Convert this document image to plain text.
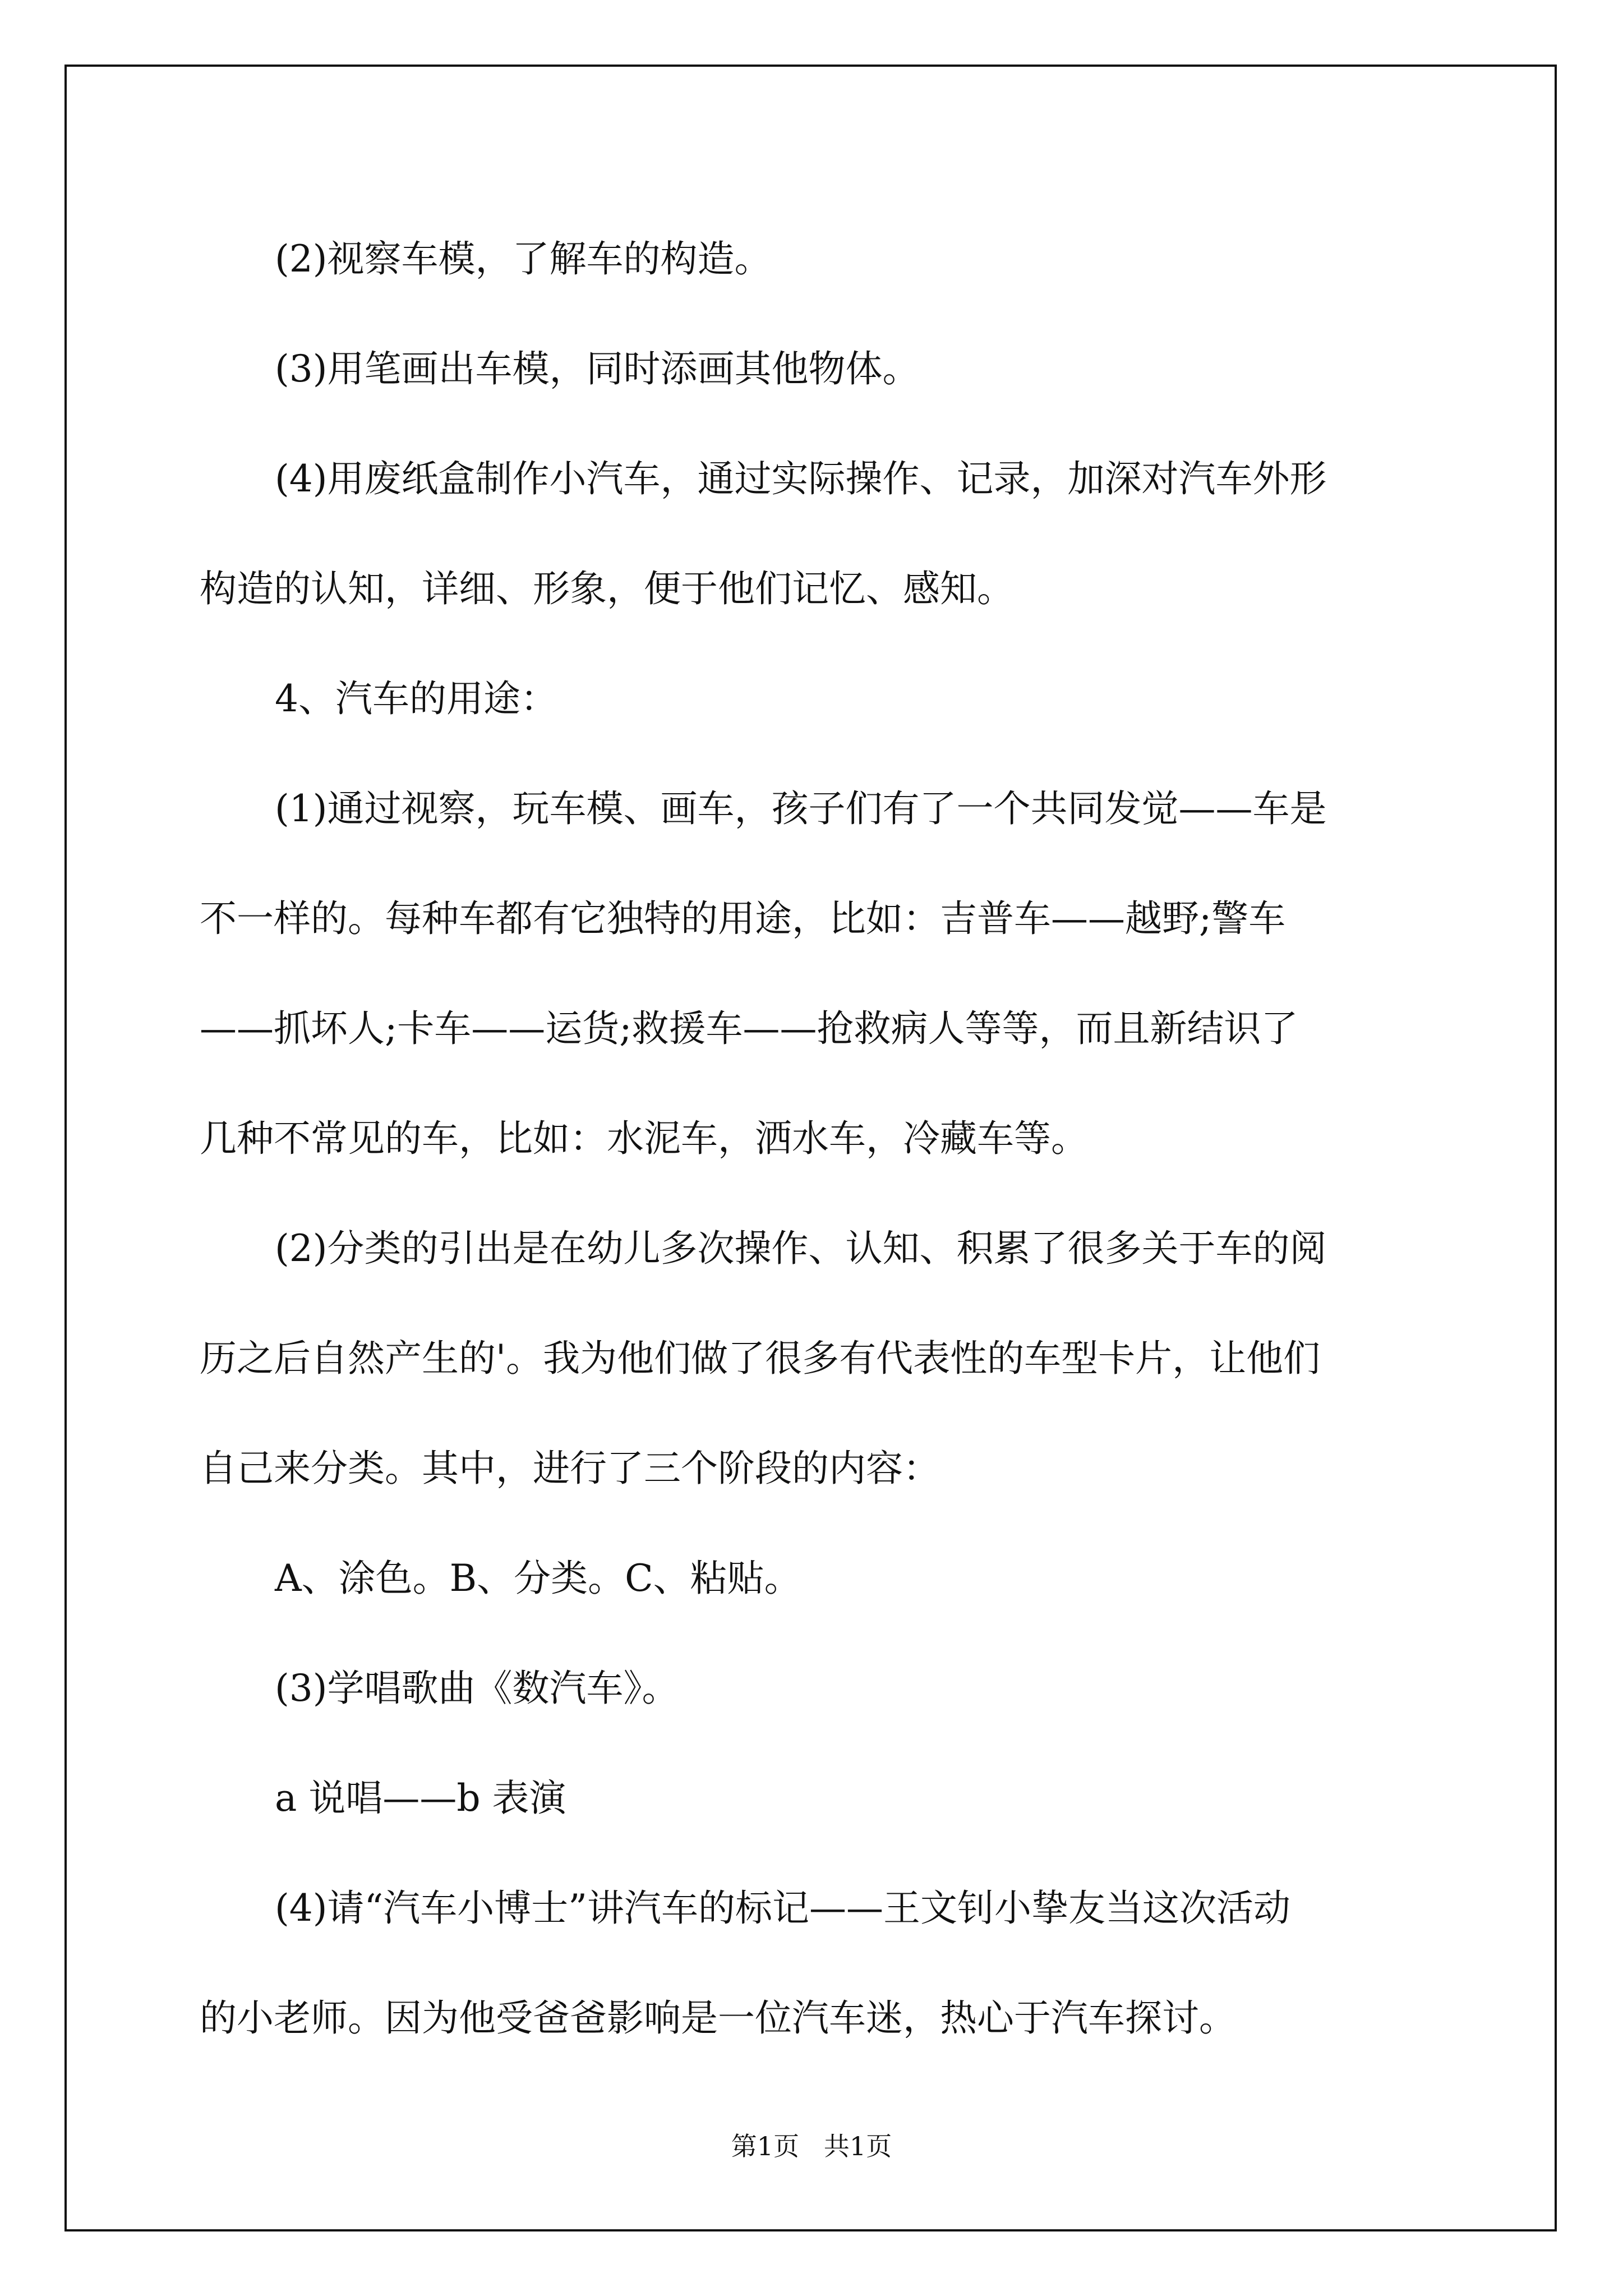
(2)视察车模，了解车的构造。
(3)用笔画出车模，同时添画其他物体。
(4)用废纸盒制作小汽车，通过实际操作、记录，加深对汽车外形
构造的认知，详细、形象，便于他们记忆、感知。
4、汽车的用途：
(1)通过视察，玩车模、画车，孩子们有了一个共同发觉——车是
不一样的。每种车都有它独特的用途，比如：吉普车——越野;警车
——抓坏人;卡车——运货;救援车——抢救病人等等，而且新结识了
几种不常见的车，比如：水泥车，洒水车，冷藏车等。
(2)分类的引出是在幼儿多次操作、认知、积累了很多关于车的阅
历之后自然产生的'。我为他们做了很多有代表性的车型卡片，让他们
自己来分类。其中，进行了三个阶段的内容：
A、涂色。B、分类。C、粘贴。
(3)学唱歌曲《数汽车》。
a 说唱——b 表演
(4)请“汽车小博士”讲汽车的标记——王文钊小挚友当这次活动
的小老师。因为他受爸爸影响是一位汽车迷，热心于汽车探讨。
第1页   共1页
